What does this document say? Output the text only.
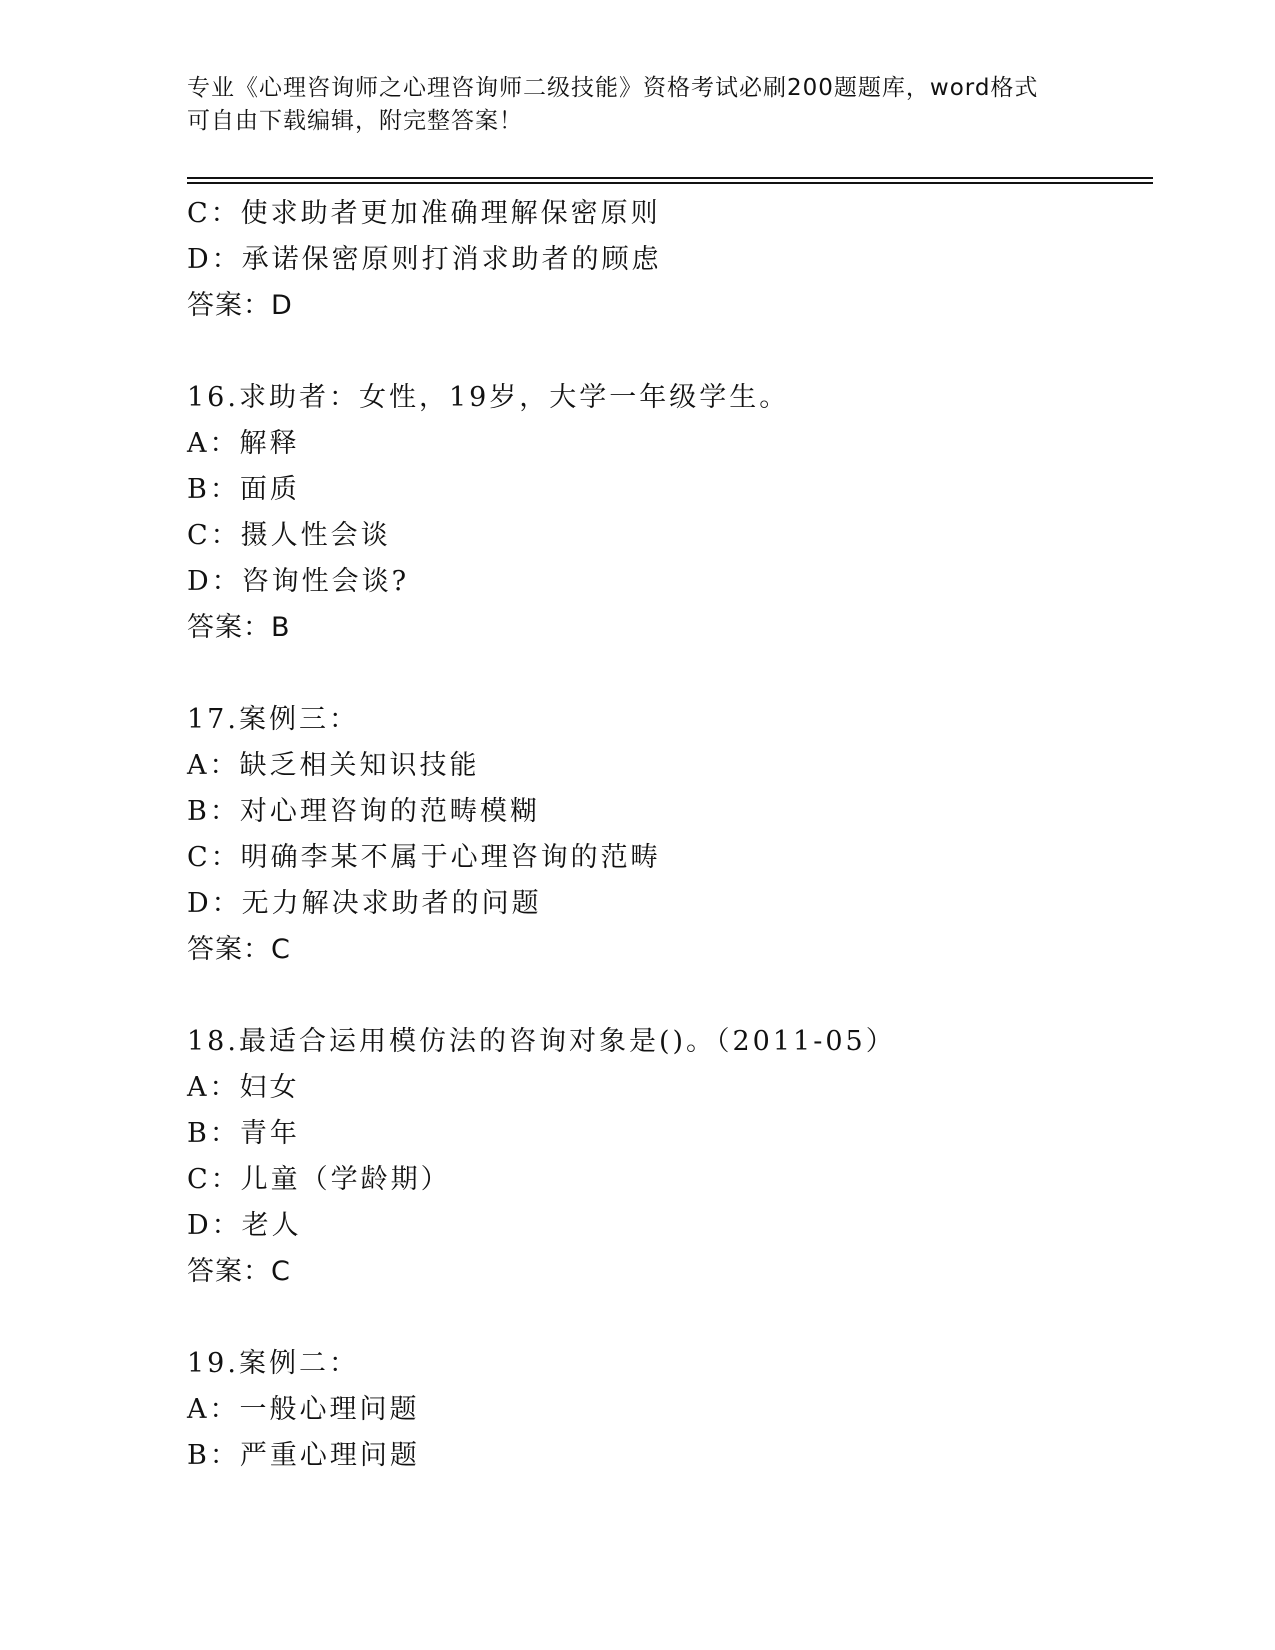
专业《心理咨询师之心理咨询师二级技能》资格考试必刷200题题库，word格式
可自由下载编辑，附完整答案！
C：使求助者更加准确理解保密原则
D：承诺保密原则打消求助者的顾虑
答案：D
16.求助者：女性，19岁，大学一年级学生。
A：解释
B：面质
C：摄人性会谈
D：咨询性会谈?
答案：B
17.案例三：
A：缺乏相关知识技能
B：对心理咨询的范畴模糊
C：明确李某不属于心理咨询的范畴
D：无力解决求助者的问题
答案：C
18.最适合运用模仿法的咨询对象是()。（2011-05）
A：妇女
B：青年
C：儿童（学龄期）
D：老人
答案：C
19.案例二：
A：一般心理问题
B：严重心理问题
